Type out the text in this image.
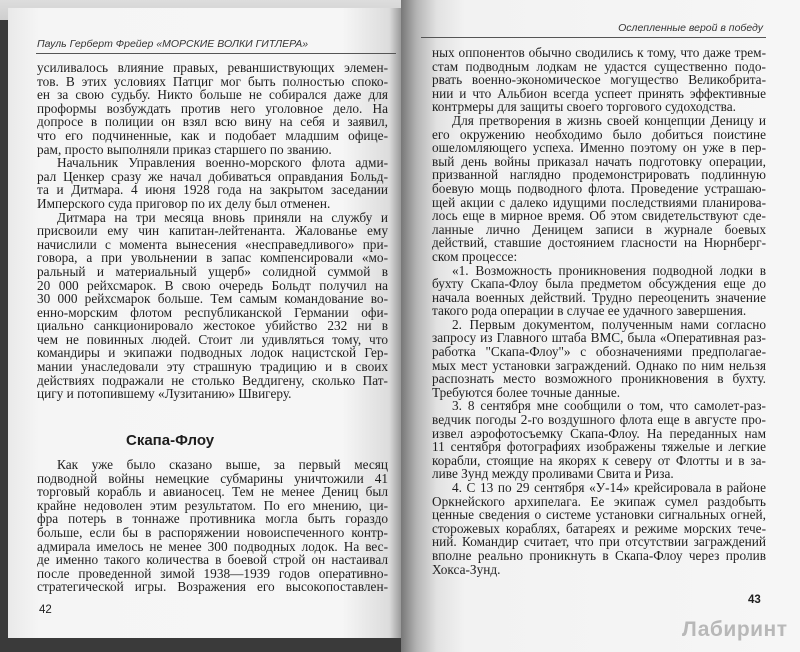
Пауль Герберт Фрейер «МОРСКИЕ ВОЛКИ ГИТЛЕРА»
усиливалось влияние правых, реваншиствующих элемен-
тов. В этих условиях Патциг мог быть полностью споко-
ен за свою судьбу. Никто больше не собирался даже для
проформы возбуждать против него уголовное дело. На
допросе в полиции он взял всю вину на себя и заявил,
что его подчиненные, как и подобает младшим офице-
рам, просто выполняли приказ старшего по званию.
Начальник Управления военно-морского флота адми-
рал Ценкер сразу же начал добиваться оправдания Больд-
та и Дитмара. 4 июня 1928 года на закрытом заседании
Имперского суда приговор по их делу был отменен.
Дитмара на три месяца вновь приняли на службу и
присвоили ему чин капитан-лейтенанта. Жалованье ему
начислили с момента вынесения «несправедливого» при-
говора, а при увольнении в запас компенсировали «мо-
ральный и материальный ущерб» солидной суммой в
20 000 рейхсмарок. В свою очередь Больдт получил на
30 000 рейхсмарок больше. Тем самым командование во-
енно-морским флотом республиканской Германии офи-
циально санкционировало жестокое убийство 232 ни в
чем не повинных людей. Стоит ли удивляться тому, что
командиры и экипажи подводных лодок нацистской Гер-
мании унаследовали эту страшную традицию и в своих
действиях подражали не столько Веддигену, сколько Пат-
цигу и потопившему «Лузитанию» Швигеру.
Скапа-Флоу
Как уже было сказано выше, за первый месяц
подводной войны немецкие субмарины уничтожили 41
торговый корабль и авианосец. Тем не менее Дениц был
крайне недоволен этим результатом. По его мнению, ци-
фра потерь в тоннаже противника могла быть гораздо
больше, если бы в распоряжении новоиспеченного контр-
адмирала имелось не менее 300 подводных лодок. На вес-
де именно такого количества в боевой строй он настаивал
после проведенной зимой 1938—1939 годов оперативно-
стратегической игры. Возражения его высокопоставлен-
42
Ослепленные верой в победу
ных оппонентов обычно сводились к тому, что даже трем-
стам подводным лодкам не удастся существенно подо-
рвать военно-экономическое могущество Великобрита-
нии и что Альбион всегда успеет принять эффективные
контрмеры для защиты своего торгового судоходства.
Для претворения в жизнь своей концепции Деницу и
его окружению необходимо было добиться поистине
ошеломляющего успеха. Именно поэтому он уже в пер-
вый день войны приказал начать подготовку операции,
призванной наглядно продемонстрировать подлинную
боевую мощь подводного флота. Проведение устрашаю-
щей акции с далеко идущими последствиями планирова-
лось еще в мирное время. Об этом свидетельствуют сде-
ланные лично Деницем записи в журнале боевых
действий, ставшие достоянием гласности на Нюрнберг-
ском процессе:
«1. Возможность проникновения подводной лодки в
бухту Скапа-Флоу была предметом обсуждения еще до
начала военных действий. Трудно переоценить значение
такого рода операции в случае ее удачного завершения.
2. Первым документом, полученным нами согласно
запросу из Главного штаба ВМС, была «Оперативная раз-
работка "Скапа-Флоу"» с обозначениями предполагае-
мых мест установки заграждений. Однако по ним нельзя
распознать место возможного проникновения в бухту.
Требуются более точные данные.
3. 8 сентября мне сообщили о том, что самолет-раз-
ведчик погоды 2-го воздушного флота еще в августе про-
извел аэрофотосъемку Скапа-Флоу. На переданных нам
11 сентября фотографиях изображены тяжелые и легкие
корабли, стоящие на якорях к северу от Флотты и в за-
ливе Зунд между проливами Свита и Риза.
4. С 13 по 29 сентября «У-14» крейсировала в районе
Оркнейского архипелага. Ее экипаж сумел раздобыть
ценные сведения о системе установки сигнальных огней,
сторожевых кораблях, батареях и режиме морских тече-
ний. Командир считает, что при отсутствии заграждений
вполне реально проникнуть в Скапа-Флоу через пролив
Хокса-Зунд.
43
Лабиринт
